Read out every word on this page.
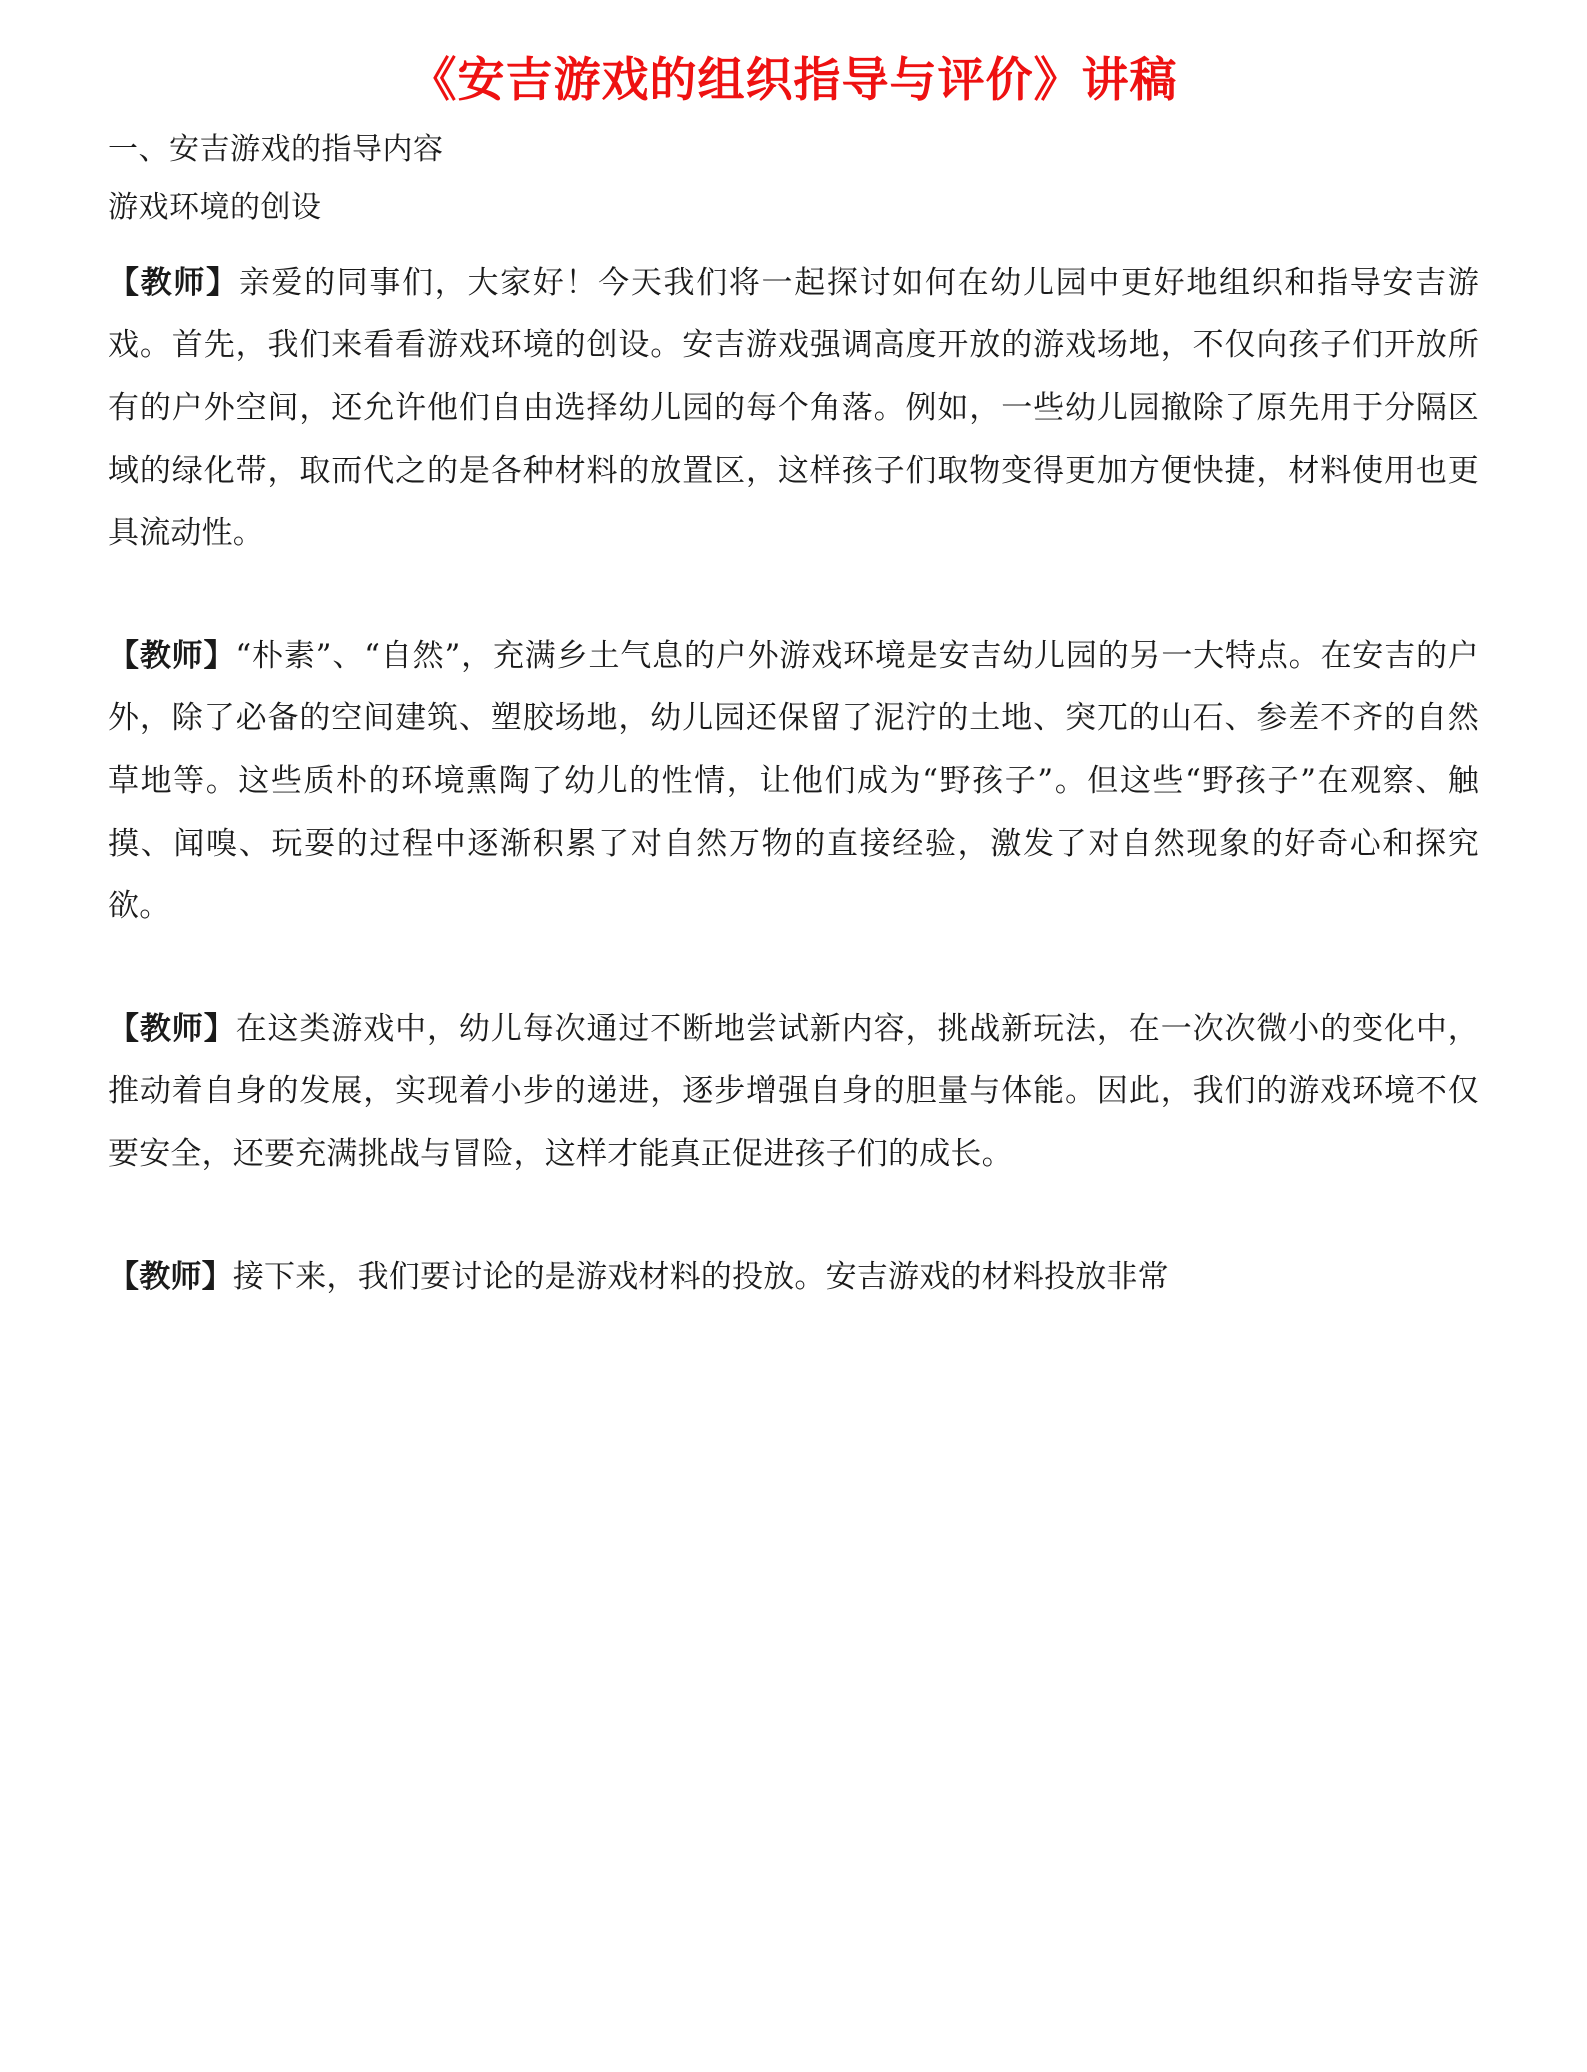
《安吉游戏的组织指导与评价》讲稿

一、安吉游戏的指导内容

游戏环境的创设

【教师】亲爱的同事们，大家好！今天我们将一起探讨如何在幼儿园中更好地组织和指导安吉游戏。首先，我们来看看游戏环境的创设。安吉游戏强调高度开放的游戏场地，不仅向孩子们开放所有的户外空间，还允许他们自由选择幼儿园的每个角落。例如，一些幼儿园撤除了原先用于分隔区域的绿化带，取而代之的是各种材料的放置区，这样孩子们取物变得更加方便快捷，材料使用也更具流动性。

【教师】“朴素”、“自然”，充满乡土气息的户外游戏环境是安吉幼儿园的另一大特点。在安吉的户外，除了必备的空间建筑、塑胶场地，幼儿园还保留了泥泞的土地、突兀的山石、参差不齐的自然草地等。这些质朴的环境熏陶了幼儿的性情，让他们成为“野孩子”。但这些“野孩子”在观察、触摸、闻嗅、玩耍的过程中逐渐积累了对自然万物的直接经验，激发了对自然现象的好奇心和探究欲。

【教师】在这类游戏中，幼儿每次通过不断地尝试新内容，挑战新玩法，在一次次微小的变化中，推动着自身的发展，实现着小步的递进，逐步增强自身的胆量与体能。因此，我们的游戏环境不仅要安全，还要充满挑战与冒险，这样才能真正促进孩子们的成长。

【教师】接下来，我们要讨论的是游戏材料的投放。安吉游戏的材料投放非常
